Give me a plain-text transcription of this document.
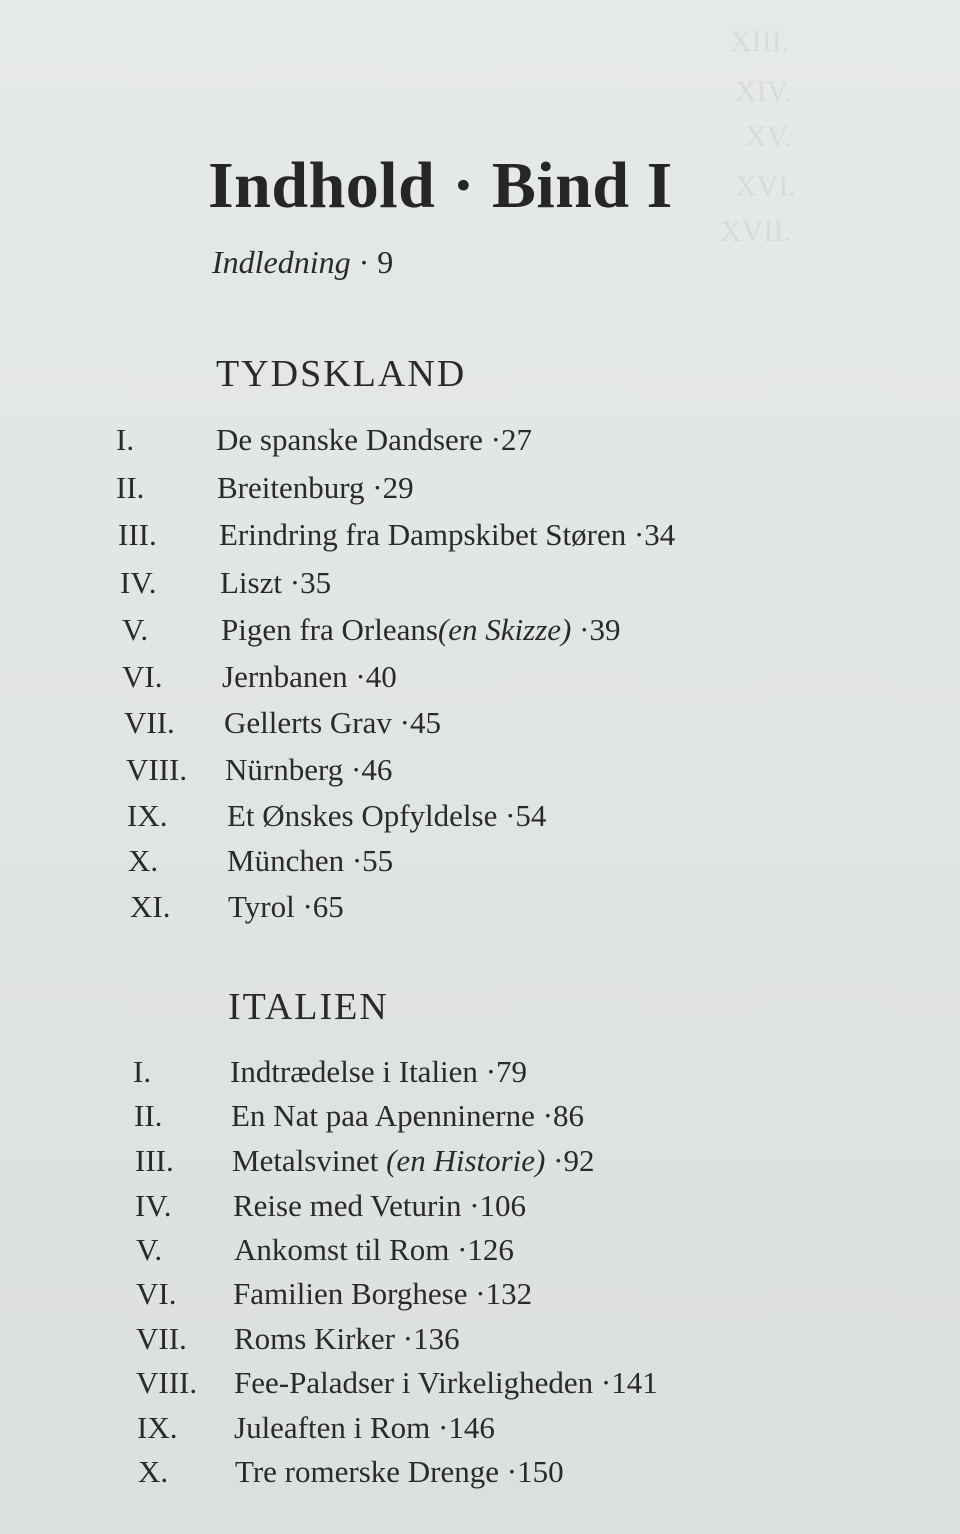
XIII.
XIV.
XV.
XVI.
XVII.
Indhold · Bind I
Indledning · 9
TYDSKLAND
I.	De spanske Dandsere · 27
II. Breitenburg · 29
III. Erindring fra Dampskibet Støren · 34
IV. Liszt · 35
V. Pigen fra Orleans(en Skizze) · 39
VI. Jernbanen · 40
VII. Gellerts Grav · 45
VIII. Nürnberg · 46
IX. Et Ønskes Opfyldelse · 54
X. München · 55
XI. Tyrol · 65
ITALIEN
I.	Indtrædelse i Italien · 79
II. En Nat paa Apenninerne · 86
III. Metalsvinet (en Historie) · 92
IV. Reise med Veturin · 106
V. Ankomst til Rom · 126
VI. Familien Borghese · 132
VII. Roms Kirker · 136
VIII. Fee-Paladser i Virkeligheden · 141
IX. Juleaften i Rom · 146
X. Tre romerske Drenge · 150
